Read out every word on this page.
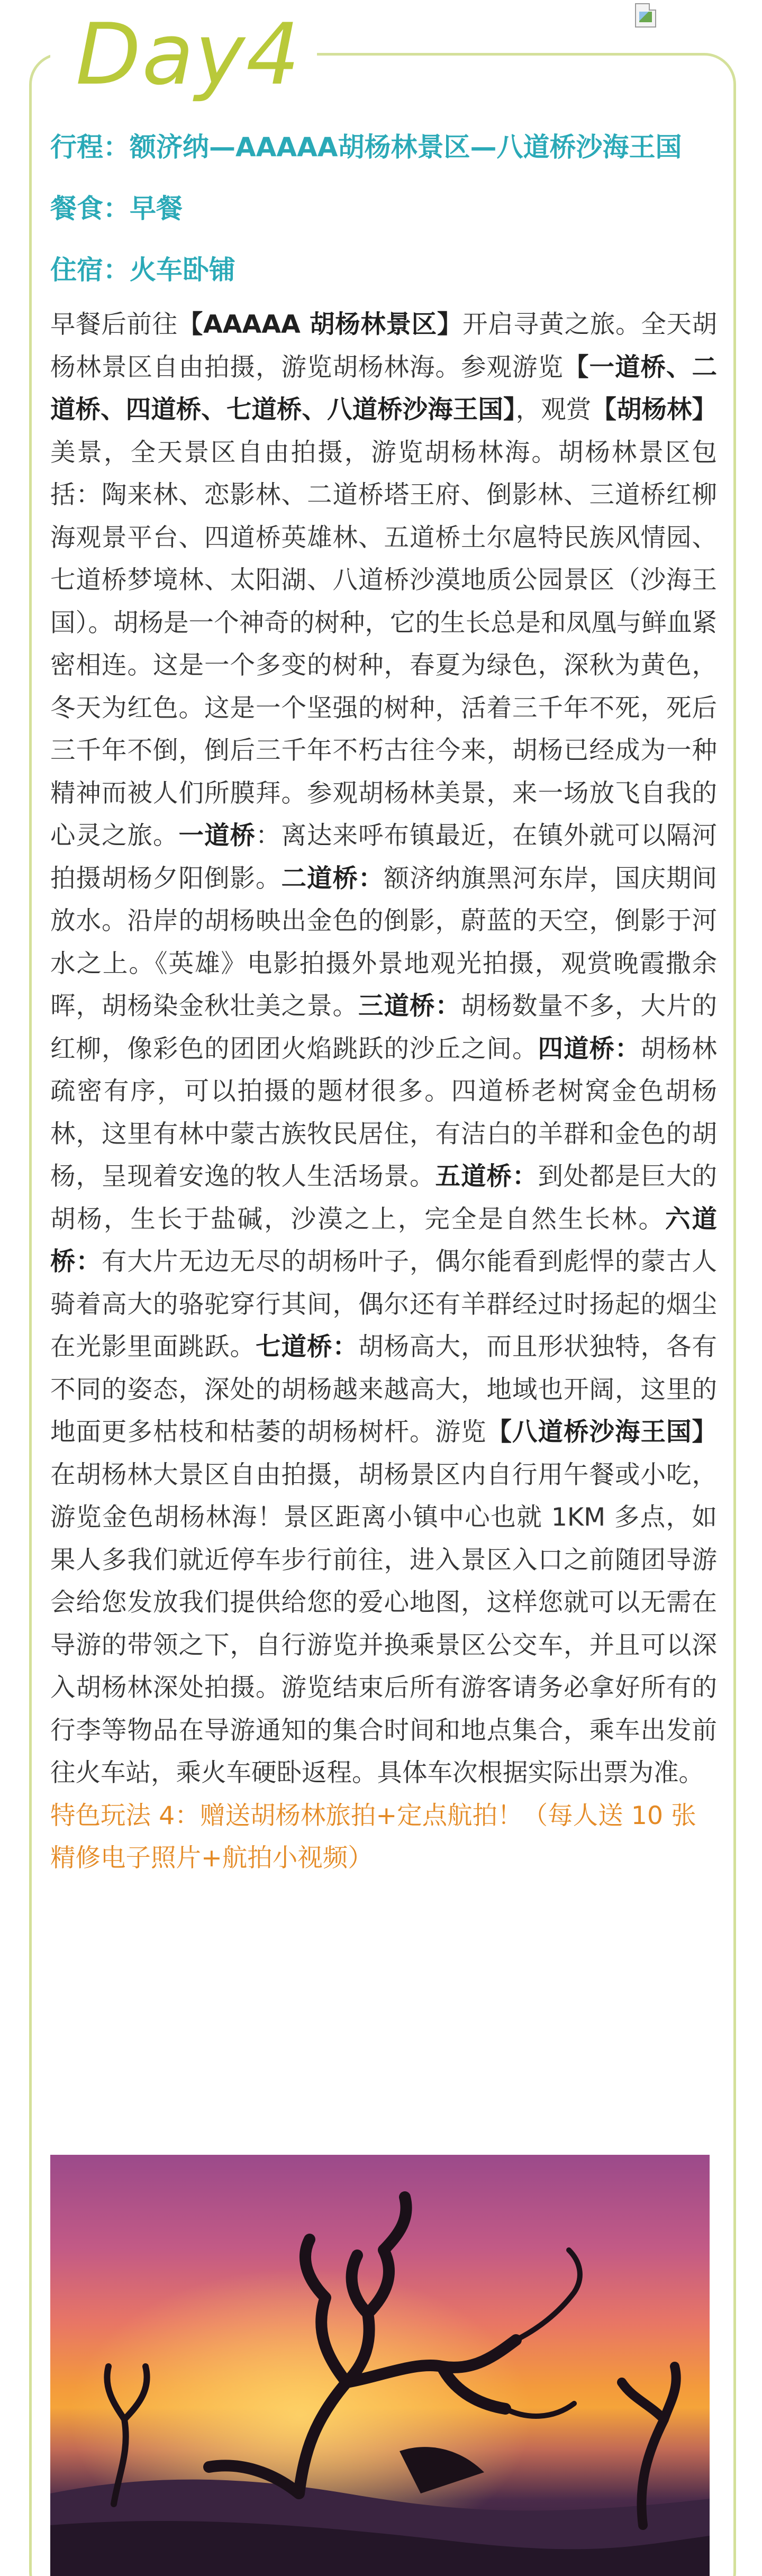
Day4
行程：额济纳—AAAAA胡杨林景区—八道桥沙海王国
餐食：早餐
住宿：火车卧铺

早餐后前往【AAAAA 胡杨林景区】开启寻黄之旅。全天胡杨林景区自由拍摄，游览胡杨林海。参观游览【一道桥、二道桥、四道桥、七道桥、八道桥沙海王国】，观赏【胡杨林】美景，全天景区自由拍摄，游览胡杨林海。胡杨林景区包括：陶来林、恋影林、二道桥塔王府、倒影林、三道桥红柳海观景平台、四道桥英雄林、五道桥土尔扈特民族风情园、七道桥梦境林、太阳湖、八道桥沙漠地质公园景区（沙海王国）。胡杨是一个神奇的树种，它的生长总是和凤凰与鲜血紧密相连。这是一个多变的树种，春夏为绿色，深秋为黄色，冬天为红色。这是一个坚强的树种，活着三千年不死，死后三千年不倒，倒后三千年不朽古往今来，胡杨已经成为一种精神而被人们所膜拜。参观胡杨林美景，来一场放飞自我的心灵之旅。一道桥：离达来呼布镇最近，在镇外就可以隔河拍摄胡杨夕阳倒影。二道桥：额济纳旗黑河东岸，国庆期间放水。沿岸的胡杨映出金色的倒影，蔚蓝的天空，倒影于河水之上。《英雄》电影拍摄外景地观光拍摄，观赏晚霞撒余晖，胡杨染金秋壮美之景。三道桥：胡杨数量不多，大片的红柳，像彩色的团团火焰跳跃的沙丘之间。四道桥：胡杨林疏密有序，可以拍摄的题材很多。四道桥老树窝金色胡杨林，这里有林中蒙古族牧民居住，有洁白的羊群和金色的胡杨，呈现着安逸的牧人生活场景。五道桥：到处都是巨大的胡杨，生长于盐碱，沙漠之上，完全是自然生长林。六道桥：有大片无边无尽的胡杨叶子，偶尔能看到彪悍的蒙古人骑着高大的骆驼穿行其间，偶尔还有羊群经过时扬起的烟尘在光影里面跳跃。七道桥：胡杨高大，而且形状独特，各有不同的姿态，深处的胡杨越来越高大，地域也开阔，这里的地面更多枯枝和枯萎的胡杨树杆。游览【八道桥沙海王国】在胡杨林大景区自由拍摄，胡杨景区内自行用午餐或小吃，游览金色胡杨林海！景区距离小镇中心也就 1KM 多点，如果人多我们就近停车步行前往，进入景区入口之前随团导游会给您发放我们提供给您的爱心地图，这样您就可以无需在导游的带领之下，自行游览并换乘景区公交车，并且可以深入胡杨林深处拍摄。游览结束后所有游客请务必拿好所有的行李等物品在导游通知的集合时间和地点集合，乘车出发前往火车站，乘火车硬卧返程。具体车次根据实际出票为准。

特色玩法 4：赠送胡杨林旅拍+定点航拍！（每人送 10 张精修电子照片+航拍小视频）
